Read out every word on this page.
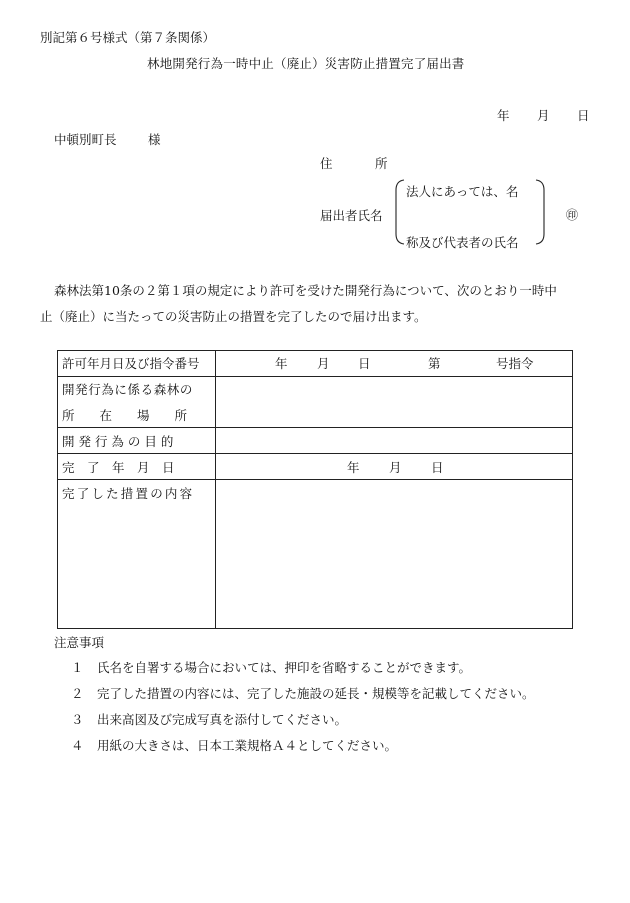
別記第６号様式（第７条関係）
林地開発行為一時中止（廃止）災害防止措置完了届出書
年 月 日
中頓別町長	様
住	所
届出者氏名
法人にあっては、名
称及び代表者の氏名
㊞
森林法第10条の２第１項の規定により許可を受けた開発行為について、次のとおり一時中
止（廃止）に当たっての災害防止の措置を完了したので届け出ます。
許可年月日及び指令番号	年 月 日	第	号指令
開発行為に係る森林の
所　　在　　場　　所
開 発 行 為 の 目 的
完　了　年　月　日	年 月 日
完了した措置の内容
注意事項
１ 氏名を自署する場合においては、押印を省略することができます。
２ 完了した措置の内容には、完了した施設の延長・規模等を記載してください。
３ 出来高図及び完成写真を添付してください。
４ 用紙の大きさは、日本工業規格Ａ４としてください。
